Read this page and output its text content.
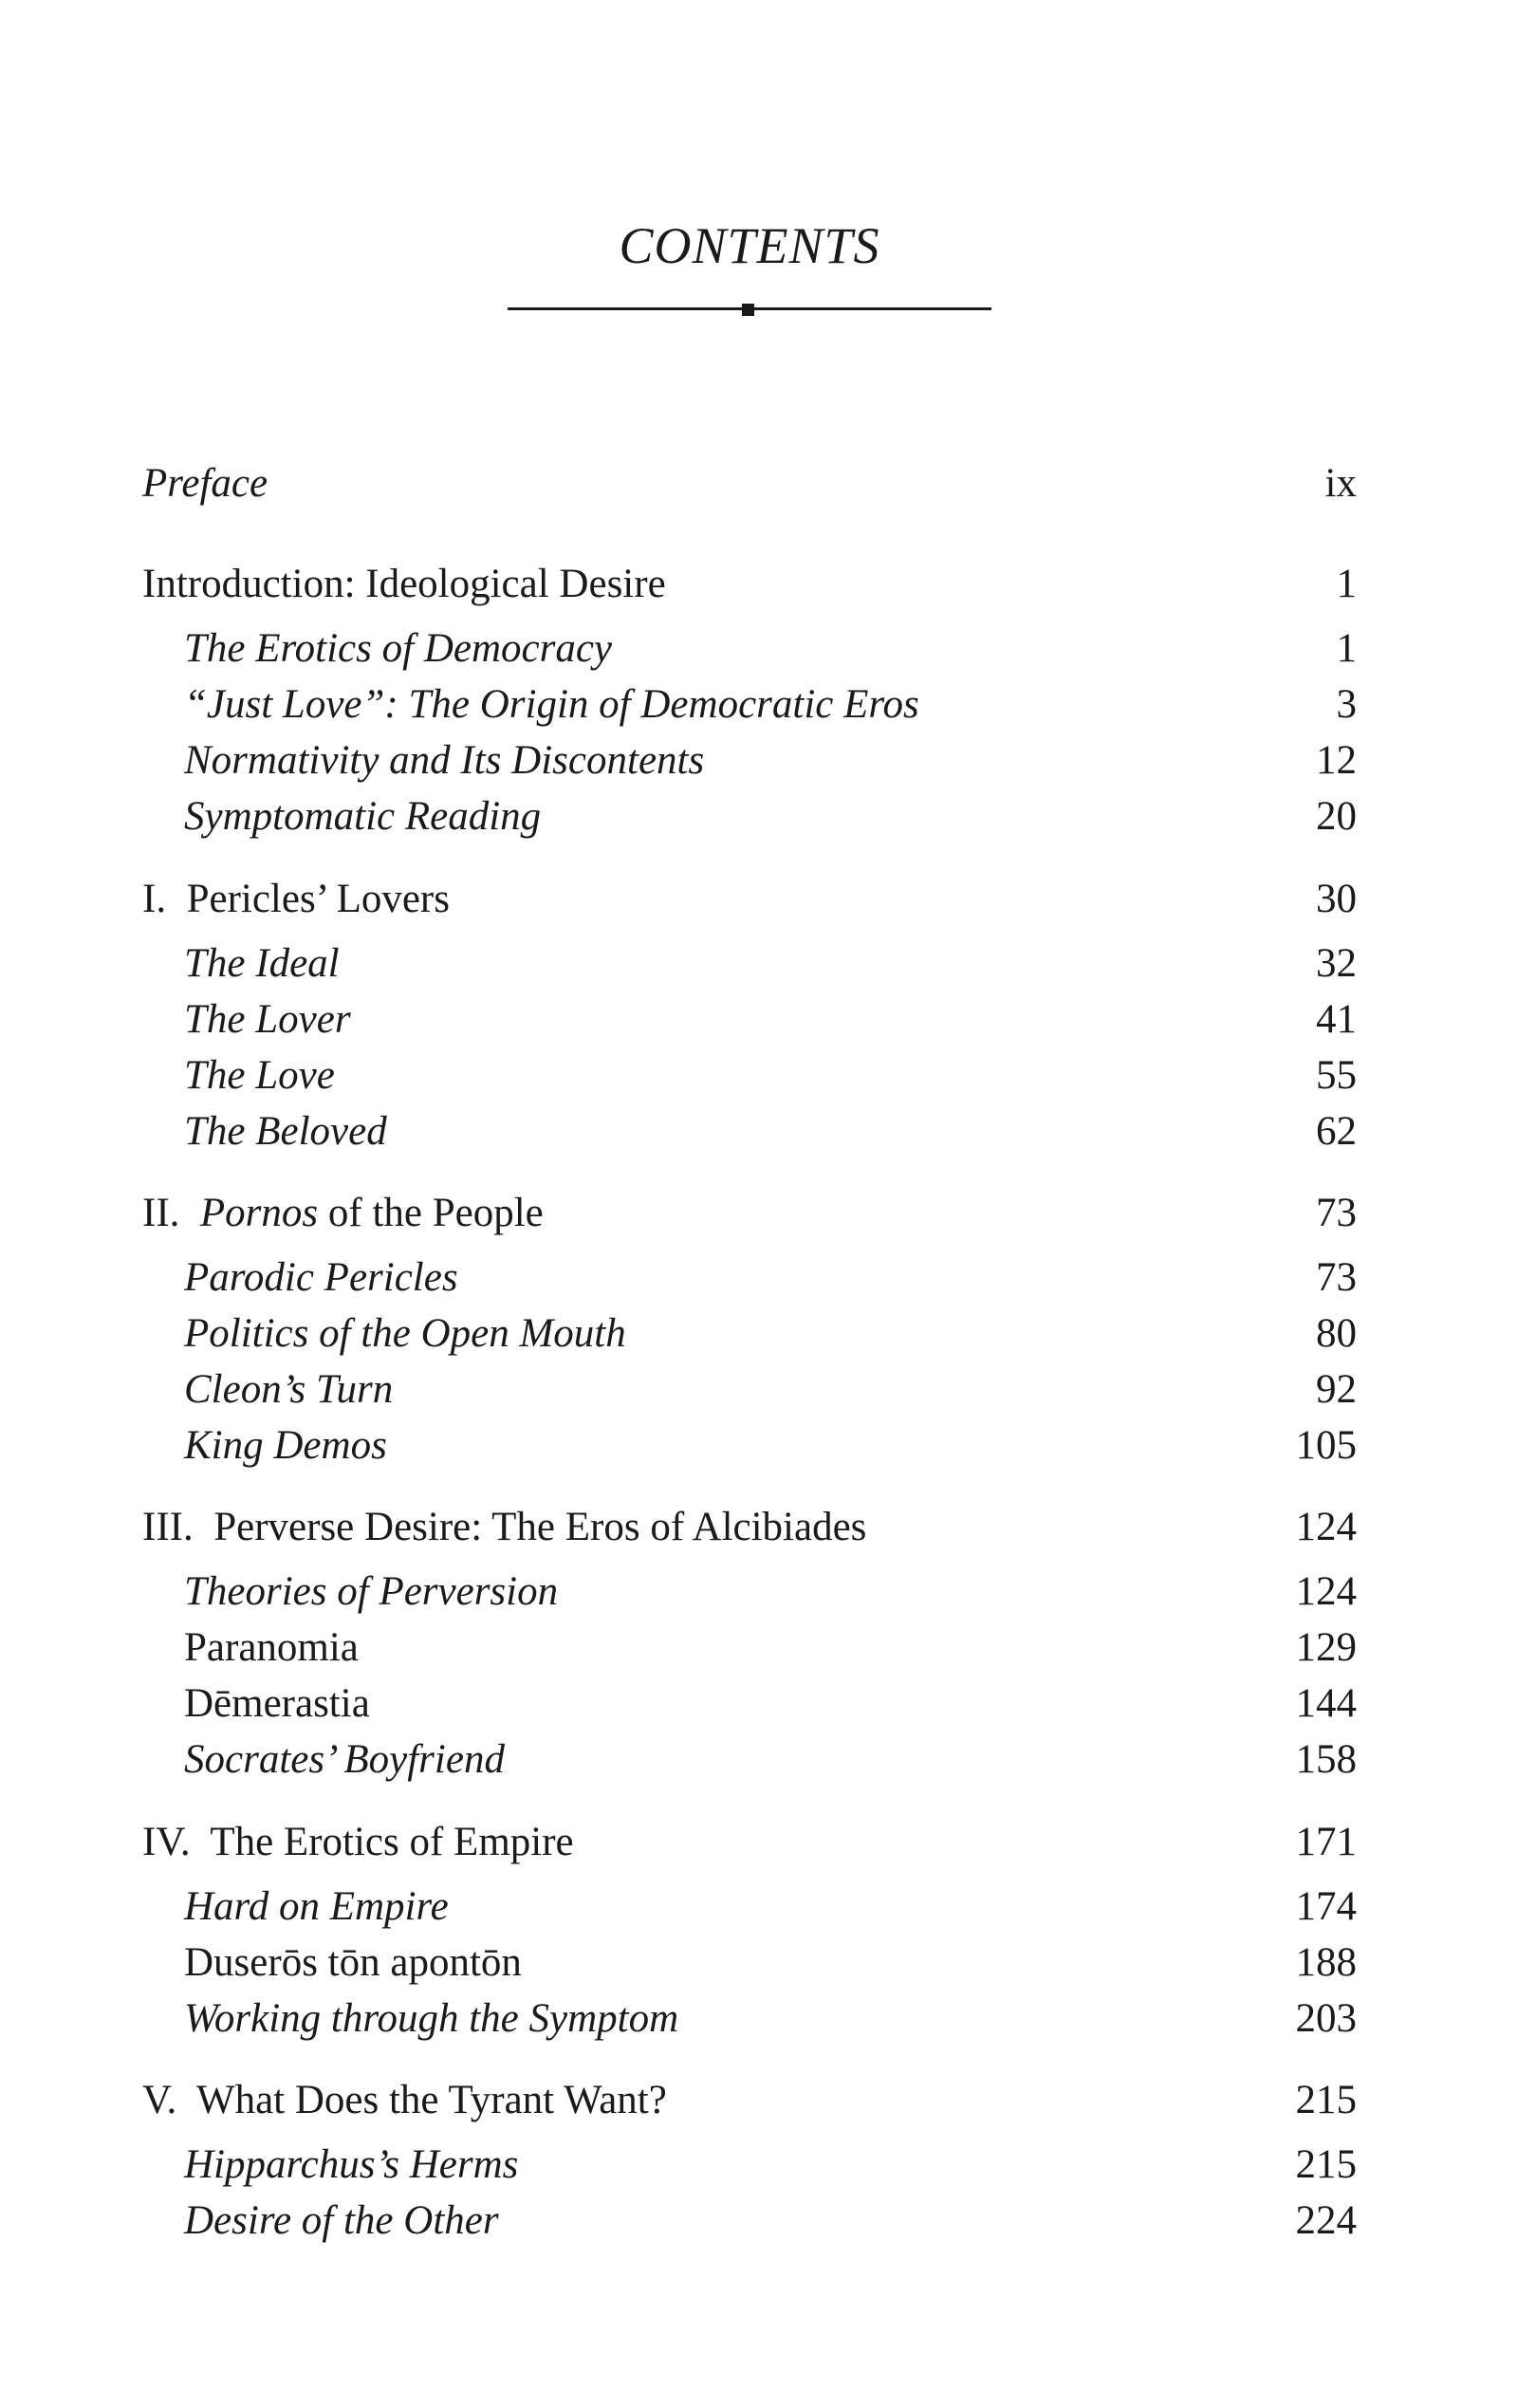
CONTENTS
Preface	ix
Introduction: Ideological Desire	1
The Erotics of Democracy	1
“Just Love”: The Origin of Democratic Eros	3
Normativity and Its Discontents	12
Symptomatic Reading	20
I. Pericles’ Lovers	30
The Ideal	32
The Lover	41
The Love	55
The Beloved	62
II. Pornos of the People	73
Parodic Pericles	73
Politics of the Open Mouth	80
Cleon’s Turn	92
King Demos	105
III. Perverse Desire: The Eros of Alcibiades	124
Theories of Perversion	124
Paranomia	129
Dēmerastia	144
Socrates’ Boyfriend	158
IV. The Erotics of Empire	171
Hard on Empire	174
Duserōs tōn apontōn	188
Working through the Symptom	203
V. What Does the Tyrant Want?	215
Hipparchus’s Herms	215
Desire of the Other	224
